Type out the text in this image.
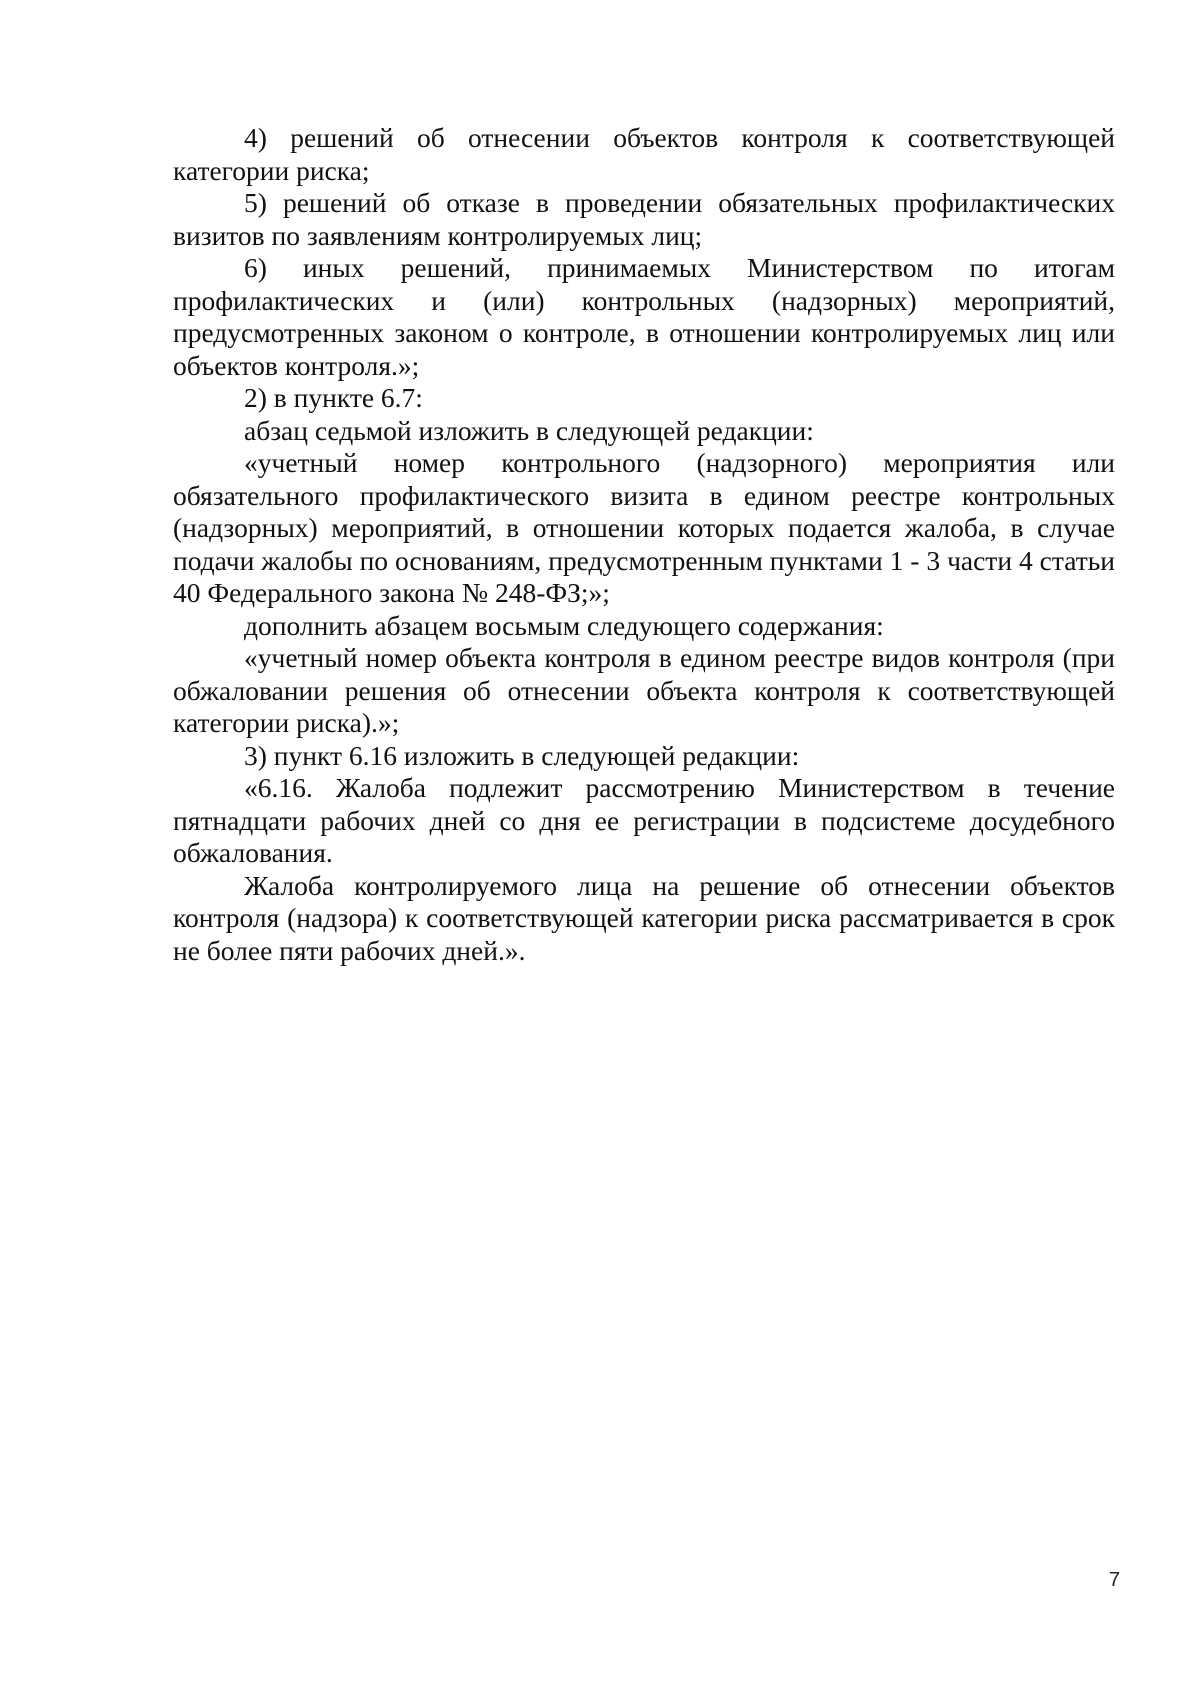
4) решений об отнесении объектов контроля к соответствующей категории риска;

5) решений об отказе в проведении обязательных профилактических визитов по заявлениям контролируемых лиц;

6) иных решений, принимаемых Министерством по итогам профилактических и (или) контрольных (надзорных) мероприятий, предусмотренных законом о контроле, в отношении контролируемых лиц или объектов контроля.»;

2) в пункте 6.7:

абзац седьмой изложить в следующей редакции:

«учетный номер контрольного (надзорного) мероприятия или обязательного профилактического визита в едином реестре контрольных (надзорных) мероприятий, в отношении которых подается жалоба, в случае подачи жалобы по основаниям, предусмотренным пунктами 1 - 3 части 4 статьи 40 Федерального закона № 248-ФЗ;»;

дополнить абзацем восьмым следующего содержания:

«учетный номер объекта контроля в едином реестре видов контроля (при обжаловании решения об отнесении объекта контроля к соответствующей категории риска).»;

3) пункт 6.16 изложить в следующей редакции:

«6.16. Жалоба подлежит рассмотрению Министерством в течение пятнадцати рабочих дней со дня ее регистрации в подсистеме досудебного обжалования.

Жалоба контролируемого лица на решение об отнесении объектов контроля (надзора) к соответствующей категории риска рассматривается в срок не более пяти рабочих дней.».

7
